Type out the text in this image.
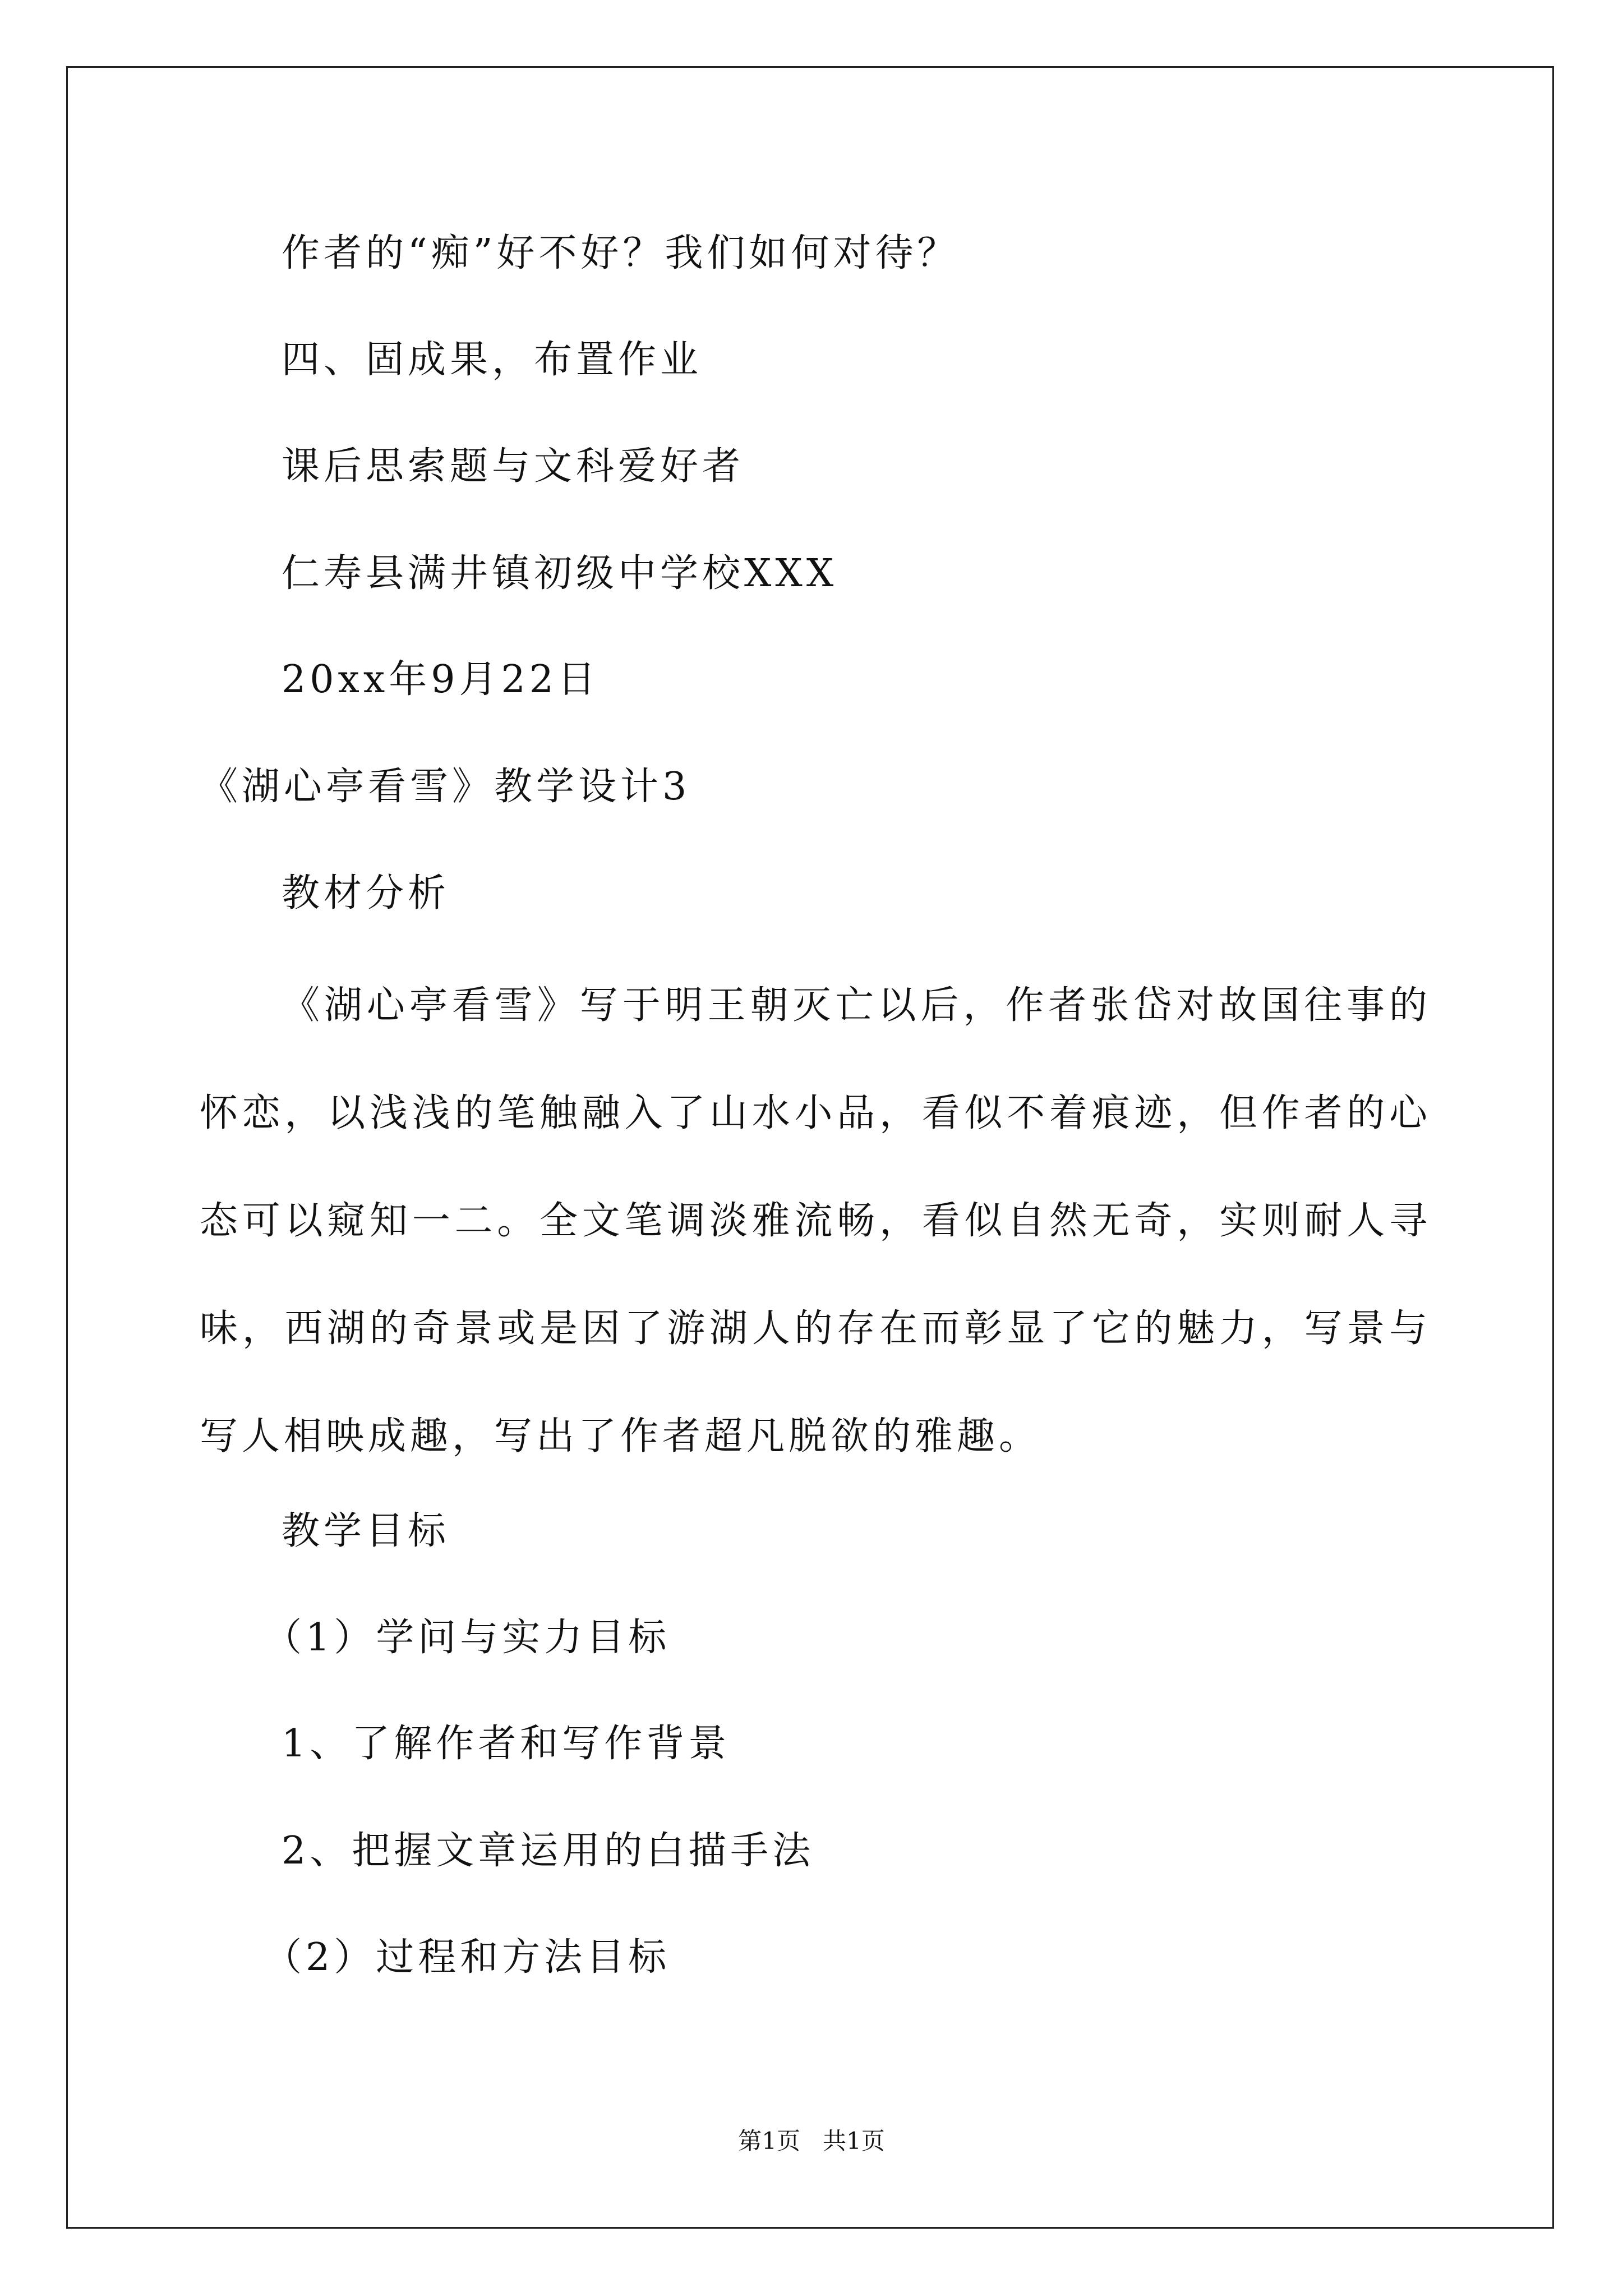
作者的“痴”好不好？我们如何对待？
四、固成果，布置作业
课后思索题与文科爱好者
仁寿县满井镇初级中学校XXX
20xx年9月22日
《湖心亭看雪》教学设计3
教材分析
《湖心亭看雪》写于明王朝灭亡以后，作者张岱对故国往事的怀恋，以浅浅的笔触融入了山水小品，看似不着痕迹，但作者的心态可以窥知一二。全文笔调淡雅流畅，看似自然无奇，实则耐人寻味，西湖的奇景或是因了游湖人的存在而彰显了它的魅力，写景与写人相映成趣，写出了作者超凡脱欲的雅趣。
教学目标
（1）学问与实力目标
1、了解作者和写作背景
2、把握文章运用的白描手法
（2）过程和方法目标
第1页   共1页
